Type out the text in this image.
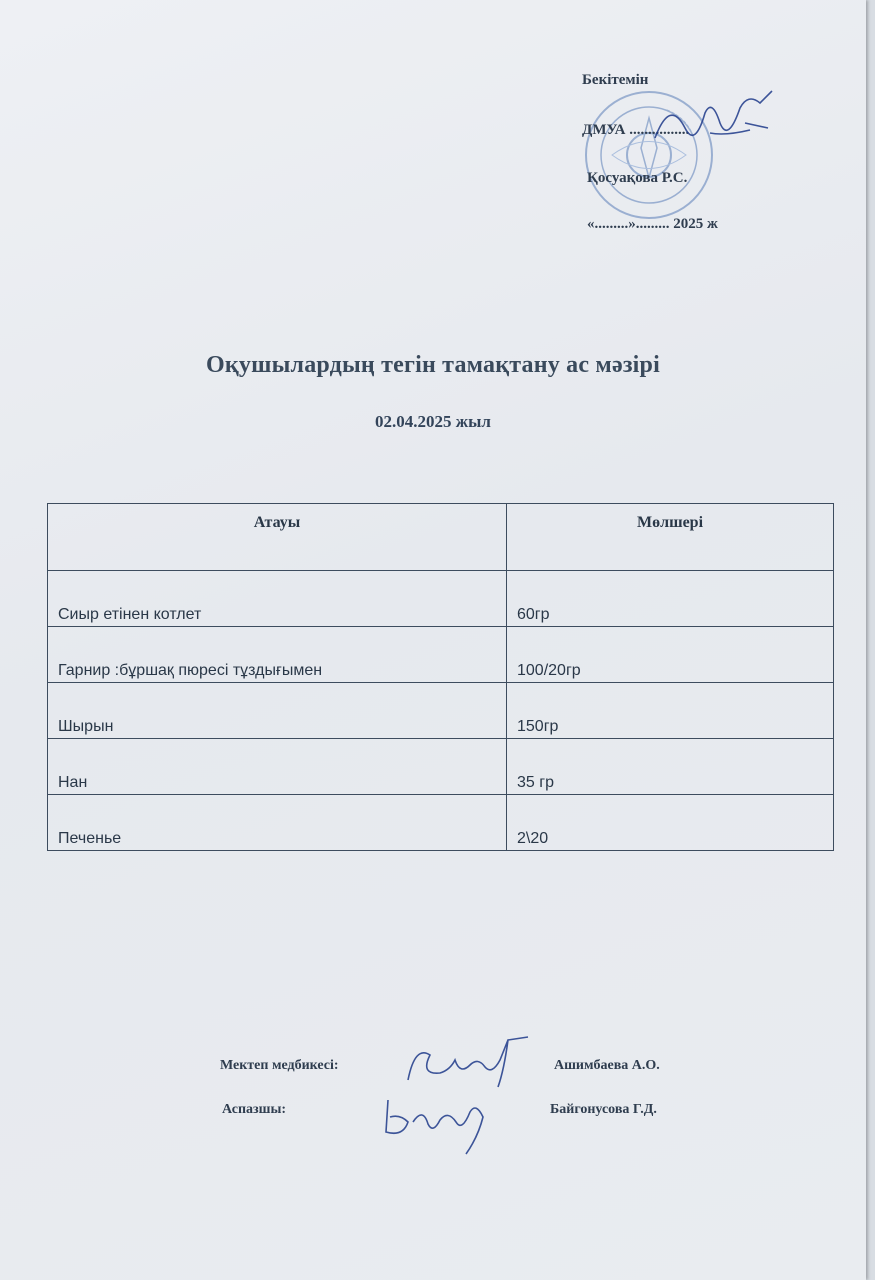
Бекітемін
ДМУА ................
Қосуақова Р.С.
«.........»......... 2025 ж
Оқушылардың тегін тамақтану ас мәзірі
02.04.2025 жыл
Атауы	Мөлшері
Сиыр етінен котлет	60гр
Гарнир :бұршақ пюресі тұздығымен	100/20гр
Шырын	150гр
Нан	35 гр
Печенье	2\20
Мектеп медбикесі:	Ашимбаева А.О.
Аспазшы:	Байгонусова Г.Д.
